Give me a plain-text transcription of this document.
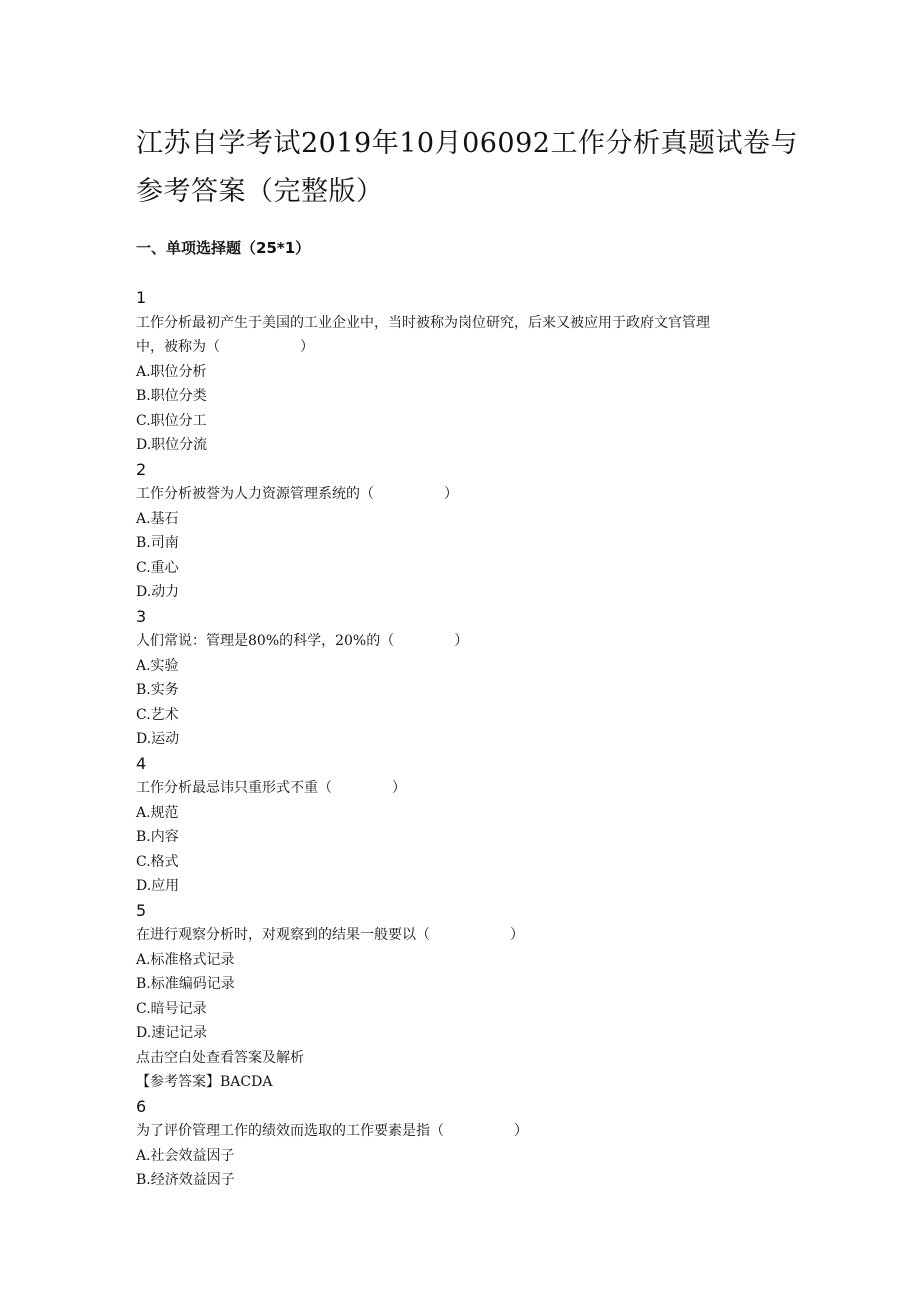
江苏自学考试2019年10月06092工作分析真题试卷与参考答案（完整版）
一、单项选择题（25*1）
1
工作分析最初产生于美国的工业企业中，当时被称为岗位研究，后来又被应用于政府文官管理
中，被称为（	）
A.职位分析
B.职位分类
C.职位分工
D.职位分流
2
工作分析被誉为人力资源管理系统的（	）
A.基石
B.司南
C.重心
D.动力
3
人们常说：管理是80%的科学，20%的（	）
A.实验
B.实务
C.艺术
D.运动
4
工作分析最忌讳只重形式不重（	）
A.规范
B.内容
C.格式
D.应用
5
在进行观察分析时，对观察到的结果一般要以（	）
A.标准格式记录
B.标准编码记录
C.暗号记录
D.速记记录
点击空白处查看答案及解析
【参考答案】BACDA
6
为了评价管理工作的绩效而选取的工作要素是指（	）
A.社会效益因子
B.经济效益因子
